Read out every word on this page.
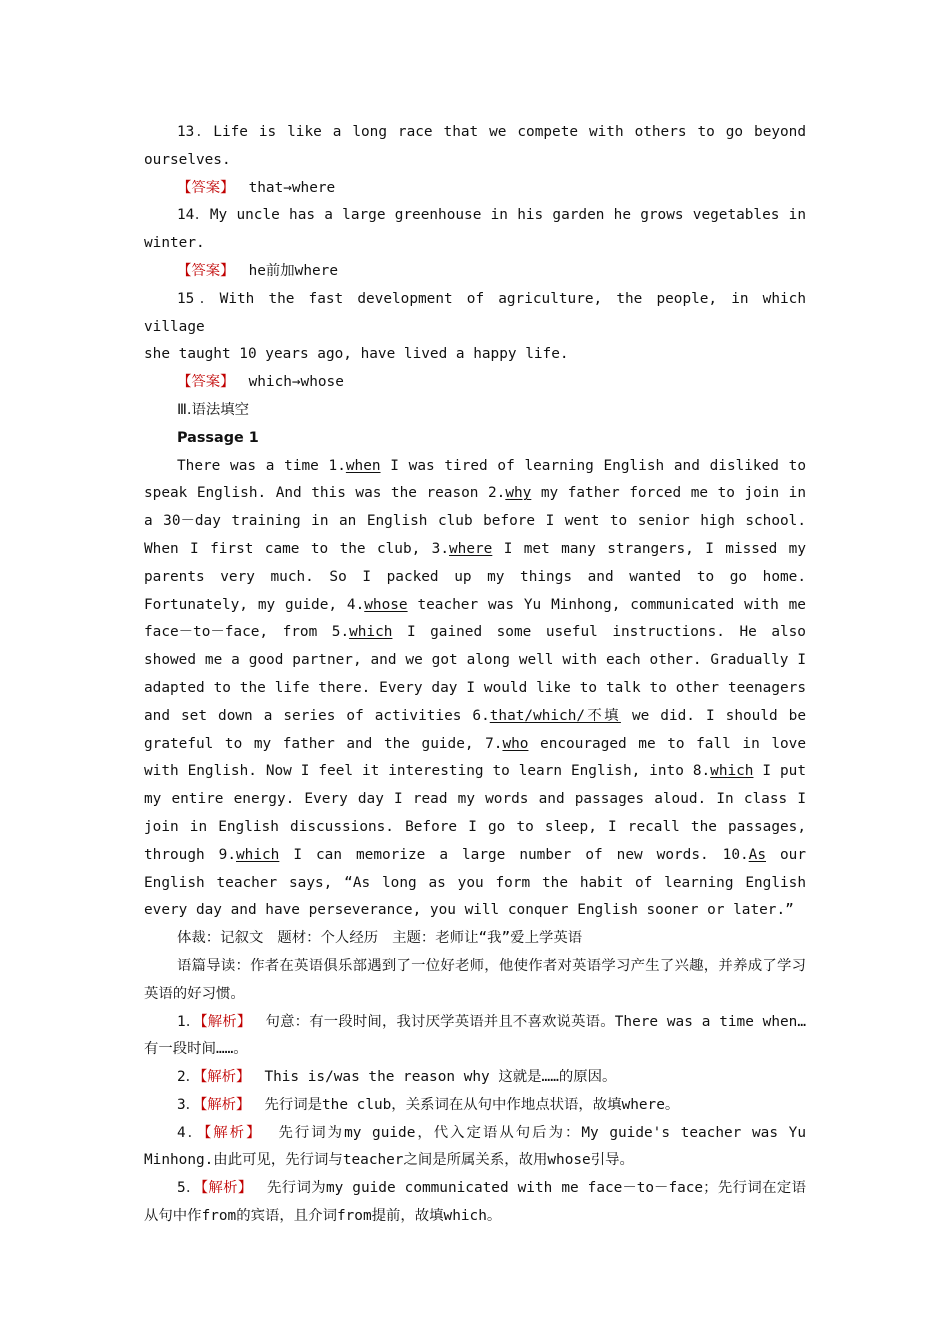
13．Life is like a long race that we compete with others to go beyond
ourselves.
【答案】 that→where
14．My uncle has a large greenhouse in his garden he grows vegetables in
winter.
【答案】 he前加where
15．With the fast development of agriculture, the people, in which village
she taught 10 years ago, have lived a happy life.
【答案】 which→whose
Ⅲ.语法填空
Passage 1
There was a time 1.when I was tired of learning English and disliked to speak English. And this was the reason 2.why my father forced me to join in a 30－day training in an English club before I went to senior high school. When I first came to the club, 3.where I met many strangers, I missed my parents very much. So I packed up my things and wanted to go home. Fortunately, my guide, 4.whose teacher was Yu Minhong, communicated with me face－to－face, from 5.which I gained some useful instructions. He also showed me a good partner, and we got along well with each other. Gradually I adapted to the life there. Every day I would like to talk to other teenagers and set down a series of activities 6.that/which/不填 we did. I should be grateful to my father and the guide, 7.who encouraged me to fall in love with English. Now I feel it interesting to learn English, into 8.which I put my entire energy. Every day I read my words and passages aloud. In class I join in English discussions. Before I go to sleep, I recall the passages, through 9.which I can memorize a large number of new words. 10.As our English teacher says, “As long as you form the habit of learning English every day and have perseverance, you will conquer English sooner or later.”
体裁：记叙文 题材：个人经历 主题：老师让“我”爱上学英语
语篇导读：作者在英语俱乐部遇到了一位好老师，他使作者对英语学习产生了兴趣，并养成了学习英语的好习惯。
1．【解析】 句意：有一段时间，我讨厌学英语并且不喜欢说英语。There was a time when…有一段时间……。
2．【解析】 This is/was the reason why 这就是……的原因。
3．【解析】 先行词是the club，关系词在从句中作地点状语，故填where。
4．【解析】 先行词为my guide，代入定语从句后为：My guide's teacher was Yu Minhong.由此可见，先行词与teacher之间是所属关系，故用whose引导。
5．【解析】 先行词为my guide communicated with me face－to－face；先行词在定语从句中作from的宾语，且介词from提前，故填which。
